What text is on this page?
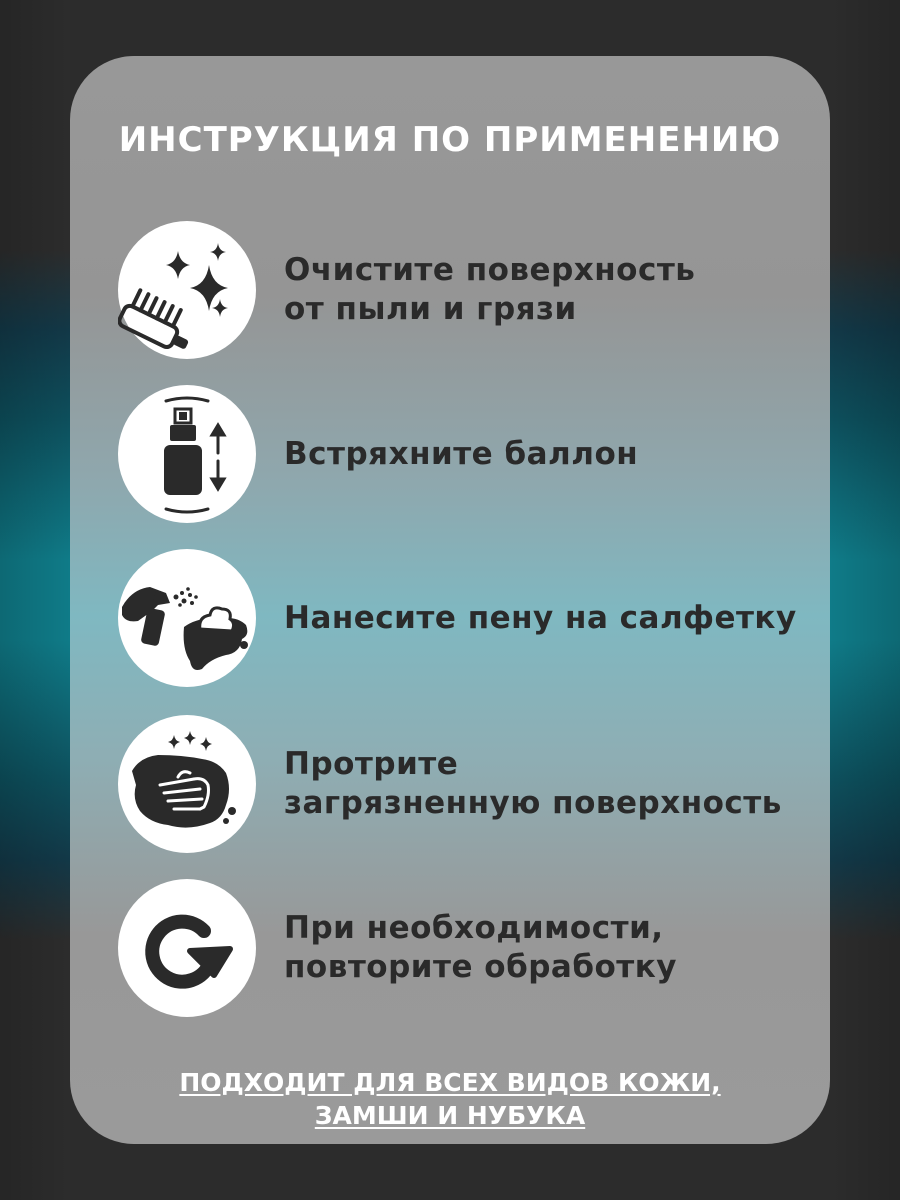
ИНСТРУКЦИЯ ПО ПРИМЕНЕНИЮ
Очистите поверхность
от пыли и грязи
Встряхните баллон
Нанесите пену на салфетку
Протрите
загрязненную поверхность
При необходимости,
повторите обработку
ПОДХОДИТ ДЛЯ ВСЕХ ВИДОВ КОЖИ,
ЗАМШИ И НУБУКА
